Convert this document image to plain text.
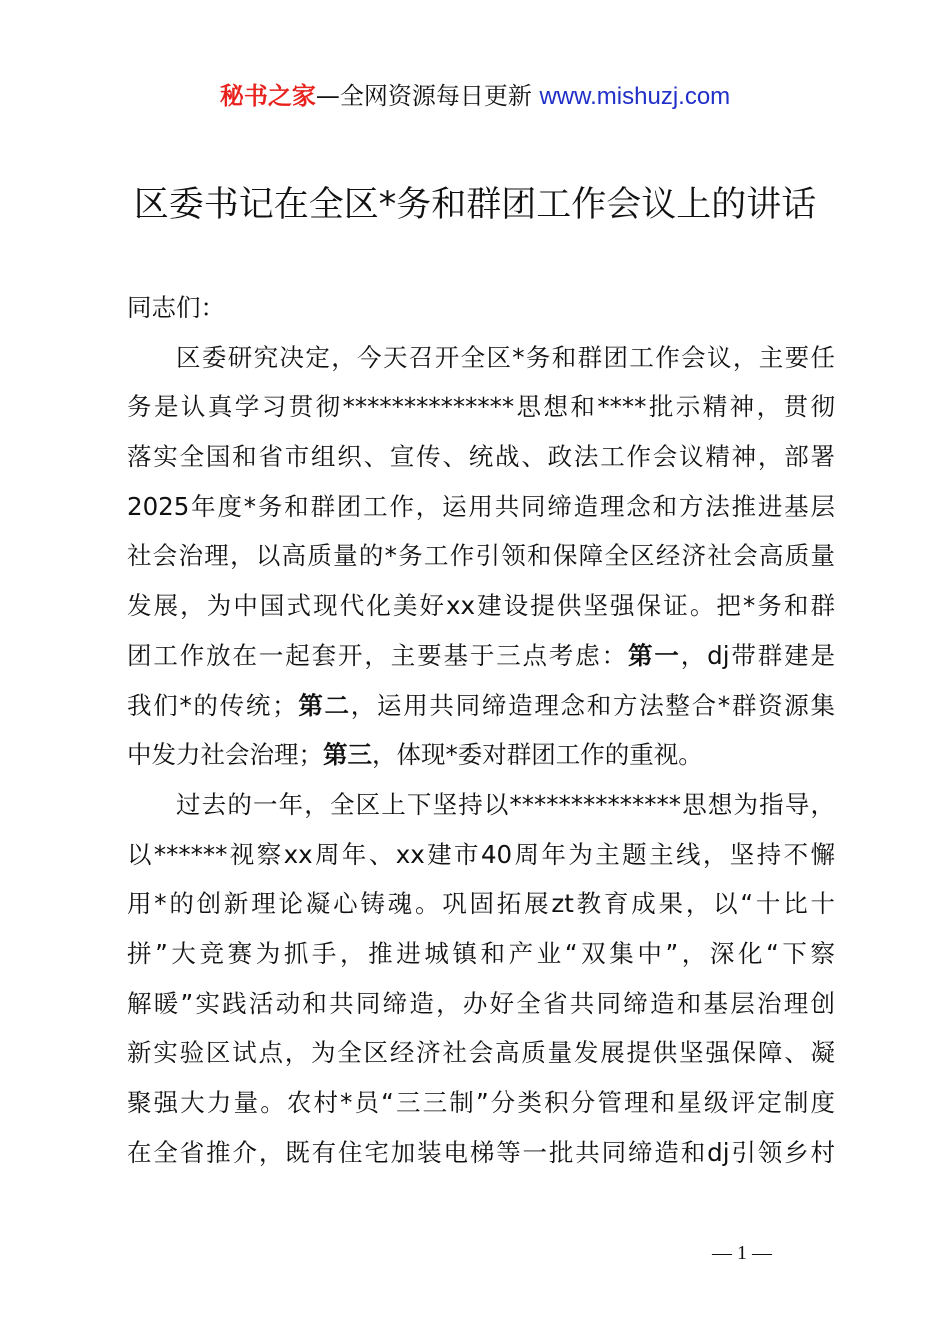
秘书之家—全网资源每日更新 www.mishuzj.com
区委书记在全区*务和群团工作会议上的讲话
同志们：
区委研究决定，今天召开全区*务和群团工作会议，主要任
务是认真学习贯彻**************思想和****批示精神，贯彻
落实全国和省市组织、宣传、统战、政法工作会议精神，部署
2025年度*务和群团工作，运用共同缔造理念和方法推进基层
社会治理，以高质量的*务工作引领和保障全区经济社会高质量
发展，为中国式现代化美好xx建设提供坚强保证。把*务和群
团工作放在一起套开，主要基于三点考虑：第一，dj带群建是
我们*的传统；第二，运用共同缔造理念和方法整合*群资源集
中发力社会治理；第三，体现*委对群团工作的重视。
过去的一年，全区上下坚持以**************思想为指导，
以******视察xx周年、xx建市40周年为主题主线，坚持不懈
用*的创新理论凝心铸魂。巩固拓展zt教育成果，以“十比十
拼”大竞赛为抓手，推进城镇和产业“双集中”，深化“下察
解暖”实践活动和共同缔造，办好全省共同缔造和基层治理创
新实验区试点，为全区经济社会高质量发展提供坚强保障、凝
聚强大力量。农村*员“三三制”分类积分管理和星级评定制度
在全省推介，既有住宅加装电梯等一批共同缔造和dj引领乡村
— 1 —
